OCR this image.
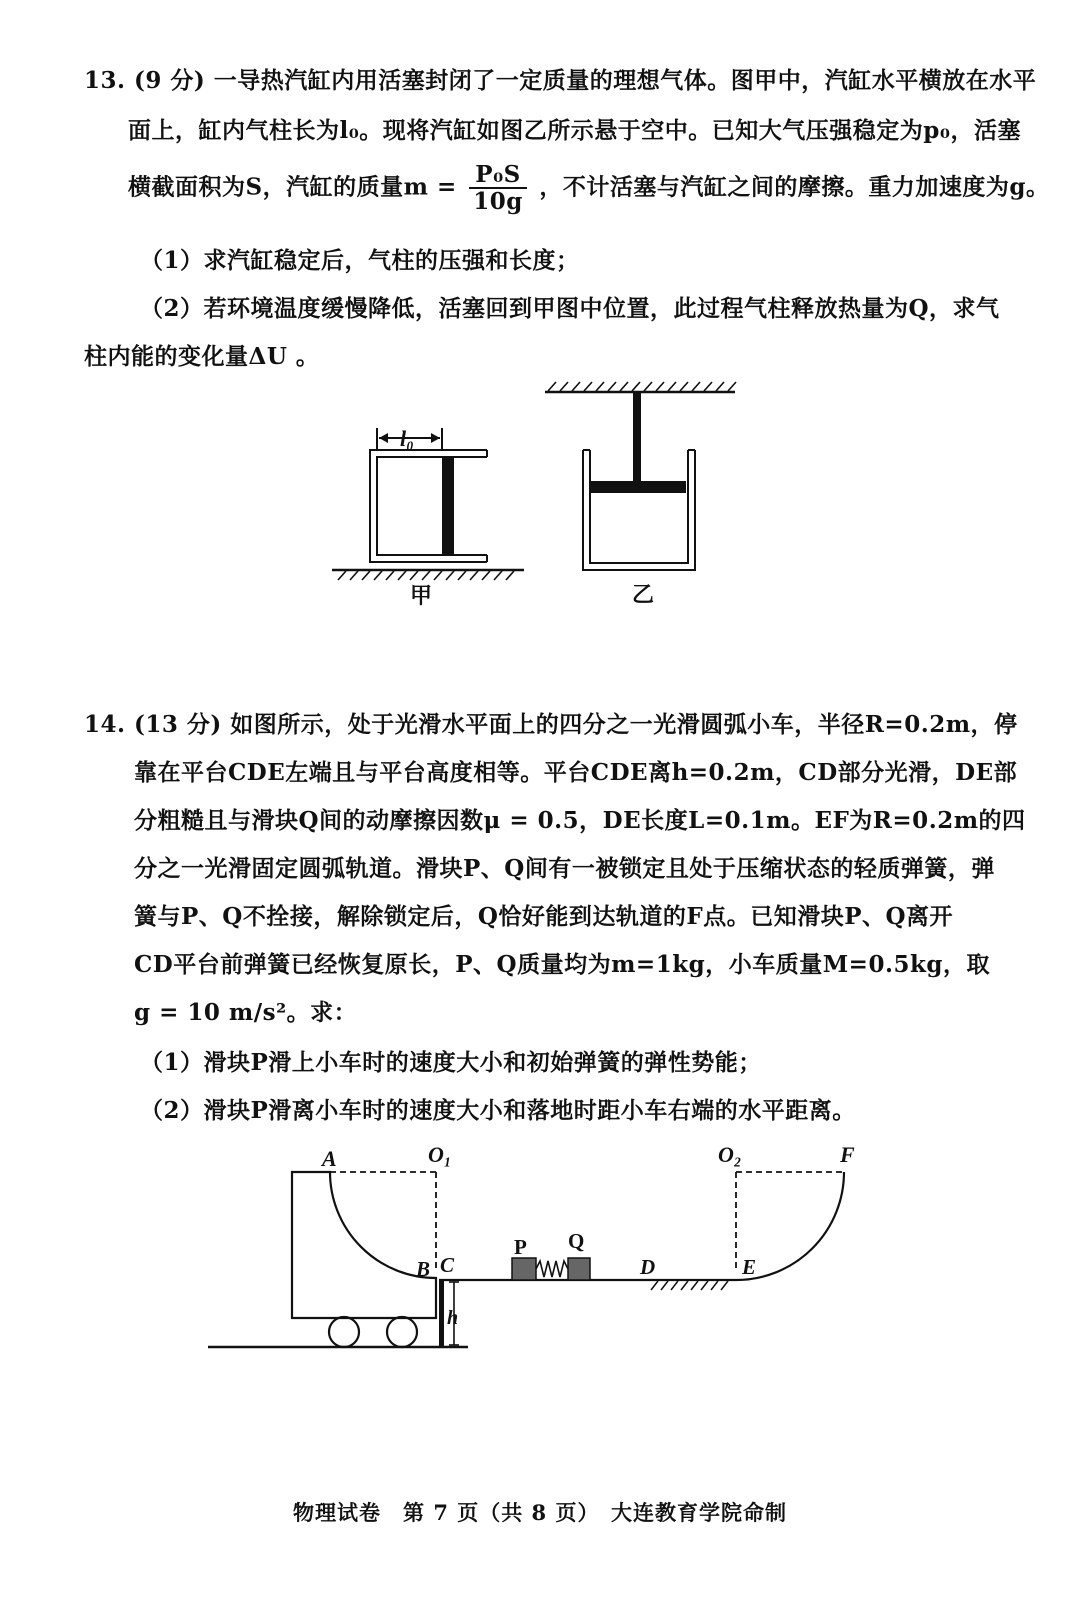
13. (9 分) 一导热汽缸内用活塞封闭了一定质量的理想气体。图甲中，汽缸水平横放在水平
面上，缸内气柱长为l₀。现将汽缸如图乙所示悬于空中。已知大气压强稳定为p₀，活塞
横截面积为S，汽缸的质量$m = \frac{\text{P₀S}}{10g}$ ，不计活塞与汽缸之间的摩擦。重力加速度为g。
（1）求汽缸稳定后，气柱的压强和长度；
（2）若环境温度缓慢降低，活塞回到甲图中位置，此过程气柱释放热量为Q，求气
柱内能的变化量ΔU 。
l₀
甲	乙
14. (13 分) 如图所示，处于光滑水平面上的四分之一光滑圆弧小车，半径R=0.2m，停
靠在平台CDE左端且与平台高度相等。平台CDE离h=0.2m，CD部分光滑，DE部
分粗糙且与滑块Q间的动摩擦因数μ = 0.5，DE长度L=0.1m。EF为R=0.2m的四
分之一光滑固定圆弧轨道。滑块P、Q间有一被锁定且处于压缩状态的轻质弹簧，弹
簧与P、Q不拴接，解除锁定后，Q恰好能到达轨道的F点。已知滑块P、Q离开
CD平台前弹簧已经恢复原长，P、Q质量均为m=1kg，小车质量M=0.5kg，取
g = 10 m/s²。求：
（1）滑块P滑上小车时的速度大小和初始弹簧的弹性势能；
（2）滑块P滑离小车时的速度大小和落地时距小车右端的水平距离。
h
A	O₁	O₂	F
B C
P Q
D	E
物理试卷　第 7 页（共 8 页）　大连教育学院命制
